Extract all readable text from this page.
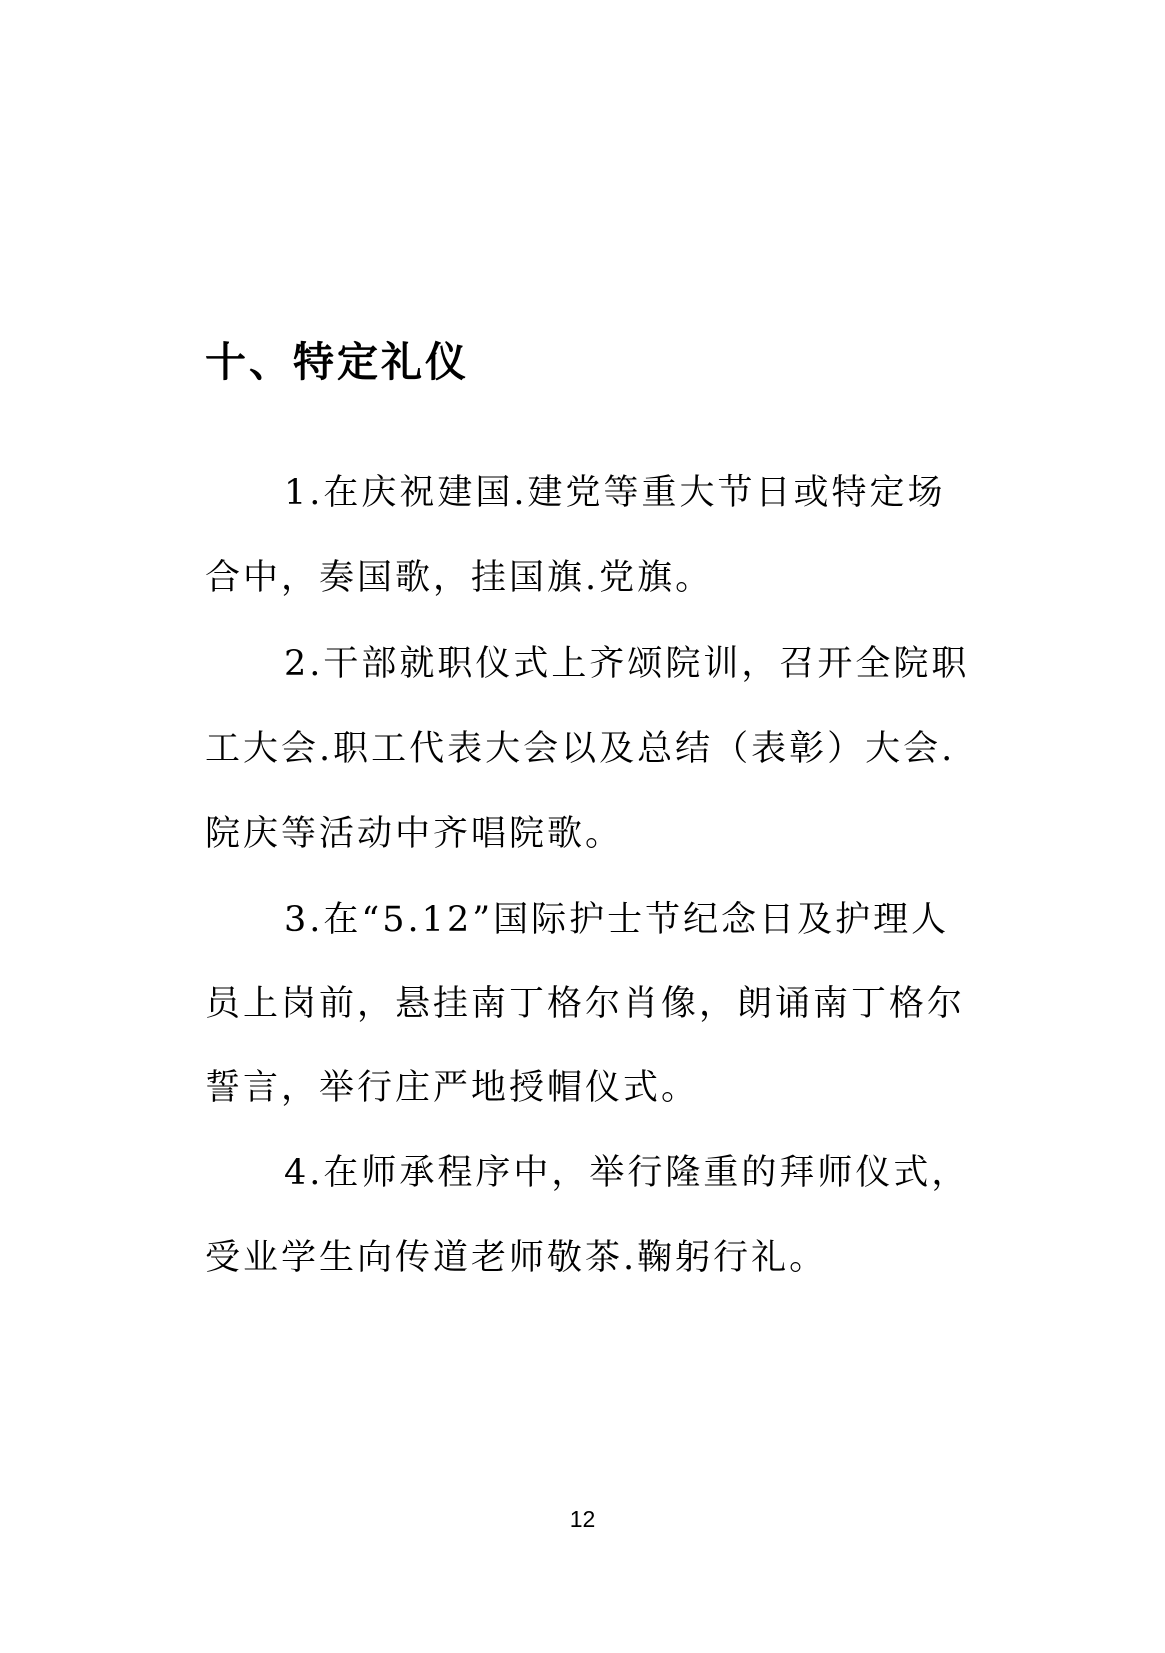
十、特定礼仪

1.在庆祝建国.建党等重大节日或特定场

合中，奏国歌，挂国旗.党旗。

2.干部就职仪式上齐颂院训，召开全院职

工大会.职工代表大会以及总结（表彰）大会.

院庆等活动中齐唱院歌。

3.在“5.12”国际护士节纪念日及护理人

员上岗前，悬挂南丁格尔肖像，朗诵南丁格尔

誓言，举行庄严地授帽仪式。

4.在师承程序中，举行隆重的拜师仪式，

受业学生向传道老师敬茶.鞠躬行礼。

12
